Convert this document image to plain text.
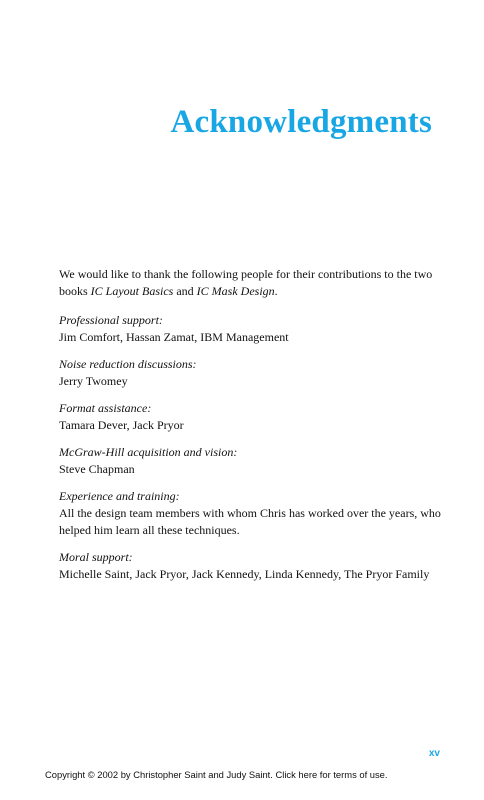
Acknowledgments

We would like to thank the following people for their contributions to the two books IC Layout Basics and IC Mask Design.

Professional support:
Jim Comfort, Hassan Zamat, IBM Management
Noise reduction discussions:
Jerry Twomey
Format assistance:
Tamara Dever, Jack Pryor
McGraw-Hill acquisition and vision:
Steve Chapman
Experience and training:
All the design team members with whom Chris has worked over the years, who helped him learn all these techniques.
Moral support:
Michelle Saint, Jack Pryor, Jack Kennedy, Linda Kennedy, The Pryor Family
xv
Copyright © 2002 by Christopher Saint and Judy Saint. Click here for terms of use.
